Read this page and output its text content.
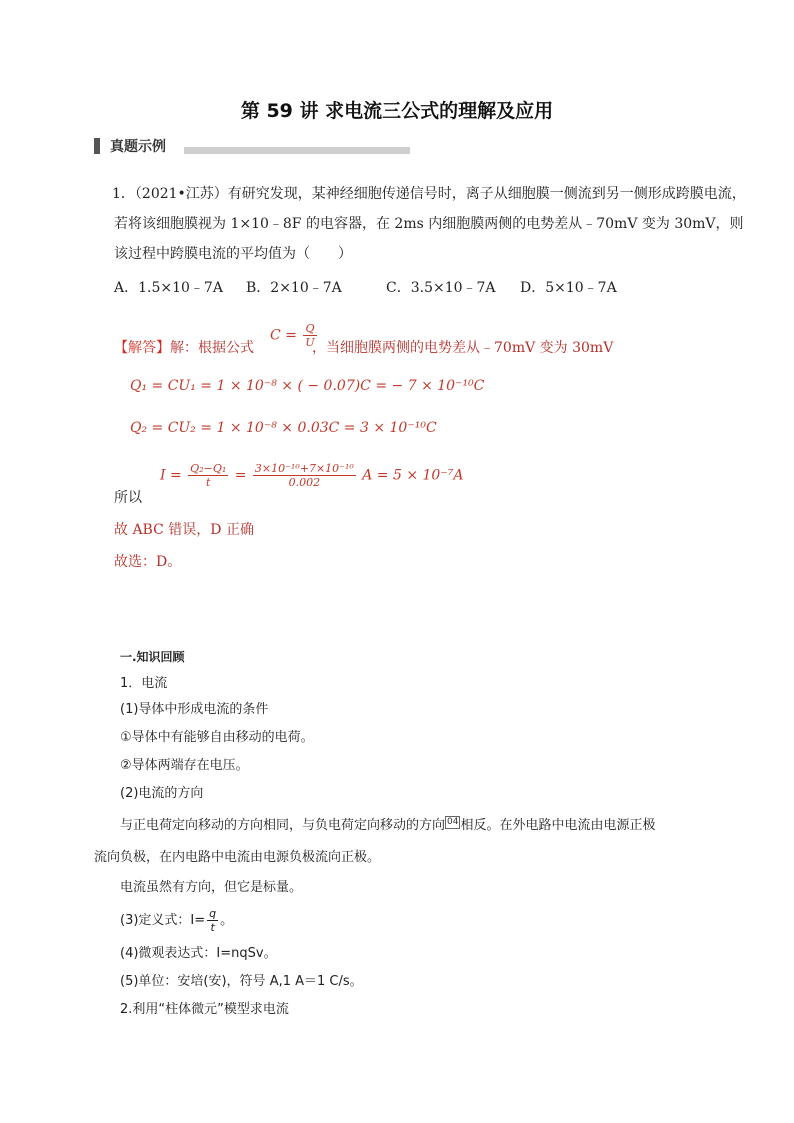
第 59 讲 求电流三公式的理解及应用
真题示例
1．（2021•江苏）有研究发现，某神经细胞传递信号时，离子从细胞膜一侧流到另一侧形成跨膜电流，
若将该细胞膜视为 1×10﹣8F 的电容器，在 2ms 内细胞膜两侧的电势差从﹣70mV 变为 30mV，则
该过程中跨膜电流的平均值为（　　）
A．1.5×10﹣7A B．2×10﹣7A	C．3.5×10﹣7A D．5×10﹣7A
【解答】解：根据公式
$C = \frac{Q}{U}$
，当细胞膜两侧的电势差从﹣70mV 变为 30mV
Q₁ = CU₁ = 1 × 10⁻⁸ × ( − 0.07)C = − 7 × 10⁻¹⁰C
Q₂ = CU₂ = 1 × 10⁻⁸ × 0.03C = 3 × 10⁻¹⁰C
$I = \frac{\text{Q₂−Q₁}}{t} = \frac{\text{3×10⁻¹⁰+7×10⁻¹⁰}}{0.002}$ A = 5 × 10⁻⁷A
所以
故 ABC 错误，D 正确
故选：D。
一.知识回顾
1．电流
(1)导体中形成电流的条件
①导体中有能够自由移动的电荷。
②导体两端存在电压。
(2)电流的方向
与正电荷定向移动的方向相同，与负电荷定向移动的方向 04 相反。在外电路中电流由电源正极
流向负极，在内电路中电流由电源负极流向正极。
电流虽然有方向，但它是标量。
(3)定义式：$I= \frac{q}{t}$ 。
(4)微观表达式：I=nqSv。
(5)单位：安培(安)，符号 A,1 A＝1 C/s。
2.利用“柱体微元”模型求电流
